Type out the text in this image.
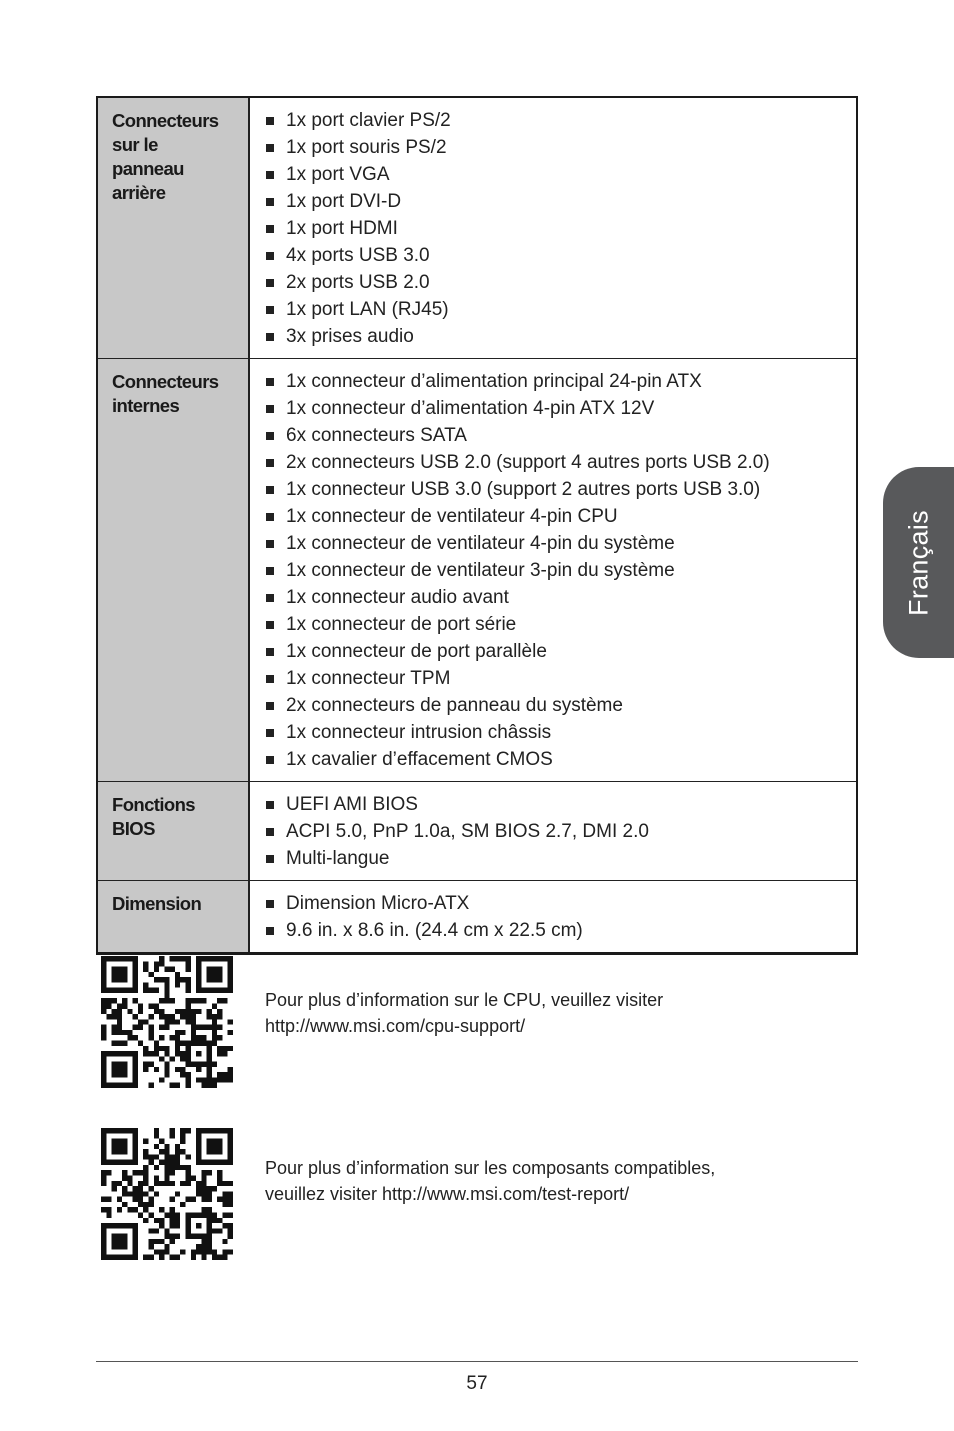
Connecteurs
sur le
panneau
arrière
1x port clavier PS/2
1x port souris PS/2
1x port VGA
1x port DVI-D
1x port HDMI
4x ports USB 3.0
2x ports USB 2.0
1x port LAN (RJ45)
3x prises audio
Connecteurs
internes
1x connecteur d’alimentation principal 24-pin ATX
1x connecteur d’alimentation 4-pin ATX 12V
6x connecteurs SATA
2x connecteurs USB 2.0 (support 4 autres ports USB 2.0)
1x connecteur USB 3.0 (support 2 autres ports USB 3.0)
1x connecteur de ventilateur 4-pin CPU
1x connecteur de ventilateur 4-pin du système
1x connecteur de ventilateur 3-pin du système
1x connecteur audio avant
1x connecteur de port série
1x connecteur de port parallèle
1x connecteur TPM
2x connecteurs de panneau du système
1x connecteur intrusion châssis
1x cavalier d’effacement CMOS
Fonctions
BIOS
UEFI AMI BIOS
ACPI 5.0, PnP 1.0a, SM BIOS 2.7, DMI 2.0
Multi-langue
Dimension	Dimension Micro-ATX
9.6 in. x 8.6 in. (24.4 cm x 22.5 cm)
Pour plus d’information sur le CPU, veuillez visiter
http://www.msi.com/cpu-support/
Pour plus d’information sur les composants compatibles,
veuillez visiter http://www.msi.com/test-report/
Français
57
